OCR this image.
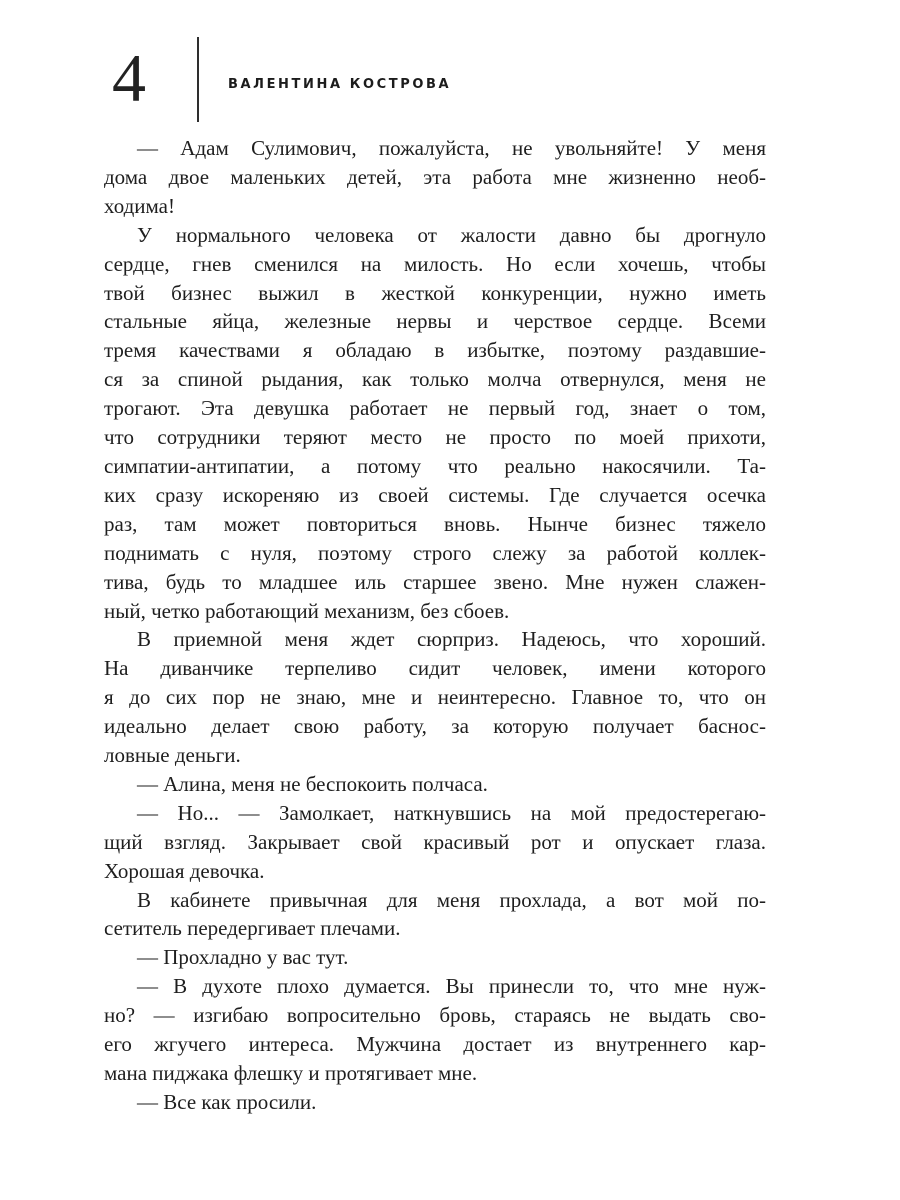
4	ВАЛЕНТИНА КОСТРОВА
— Адам Сулимович, пожалуйста, не увольняйте! У меня
дома двое маленьких детей, эта работа мне жизненно необ-
ходима!
У нормального человека от жалости давно бы дрогнуло
сердце, гнев сменился на милость. Но если хочешь, чтобы
твой бизнес выжил в жесткой конкуренции, нужно иметь
стальные яйца, железные нервы и черствое сердце. Всеми
тремя качествами я обладаю в избытке, поэтому раздавшие-
ся за спиной рыдания, как только молча отвернулся, меня не
трогают. Эта девушка работает не первый год, знает о том,
что сотрудники теряют место не просто по моей прихоти,
симпатии-антипатии, а потому что реально накосячили. Та-
ких сразу искореняю из своей системы. Где случается осечка
раз, там может повториться вновь. Нынче бизнес тяжело
поднимать с нуля, поэтому строго слежу за работой коллек-
тива, будь то младшее иль старшее звено. Мне нужен слажен-
ный, четко работающий механизм, без сбоев.
В приемной меня ждет сюрприз. Надеюсь, что хороший.
На диванчике терпеливо сидит человек, имени которого
я до сих пор не знаю, мне и неинтересно. Главное то, что он
идеально делает свою работу, за которую получает баснос-
ловные деньги.
— Алина, меня не беспокоить полчаса.
— Но... — Замолкает, наткнувшись на мой предостерегаю-
щий взгляд. Закрывает свой красивый рот и опускает глаза.
Хорошая девочка.
В кабинете привычная для меня прохлада, а вот мой по-
сетитель передергивает плечами.
— Прохладно у вас тут.
— В духоте плохо думается. Вы принесли то, что мне нуж-
но? — изгибаю вопросительно бровь, стараясь не выдать сво-
его жгучего интереса. Мужчина достает из внутреннего кар-
мана пиджака флешку и протягивает мне.
— Все как просили.
